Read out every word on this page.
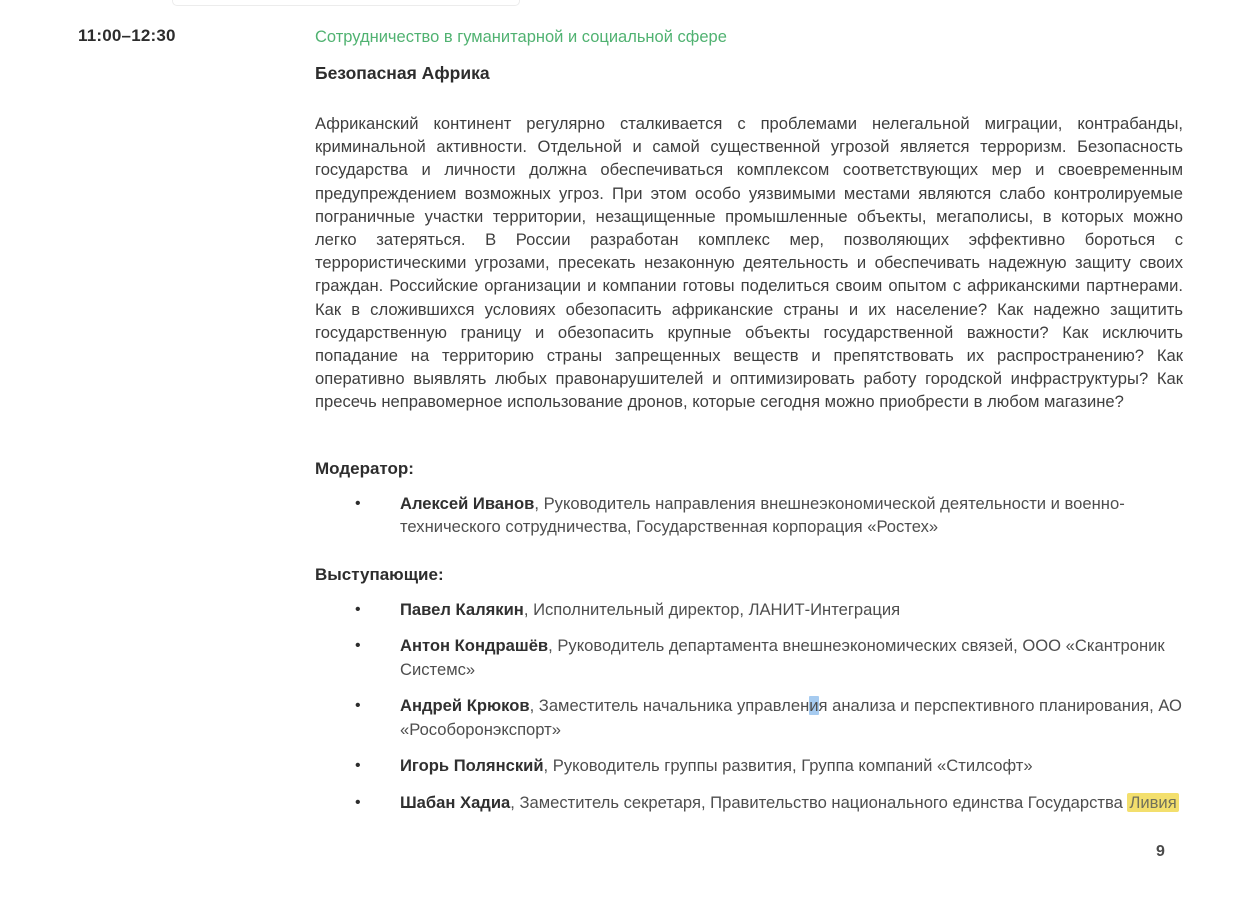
11:00–12:30	Сотрудничество в гуманитарной и социальной сфере
Безопасная Африка
Африканский континент регулярно сталкивается с проблемами нелегальной миграции, контрабанды, криминальной активности. Отдельной и самой существенной угрозой является терроризм. Безопасность государства и личности должна обеспечиваться комплексом соответствующих мер и своевременным предупреждением возможных угроз. При этом особо уязвимыми местами являются слабо контролируемые пограничные участки территории, незащищенные промышленные объекты, мегаполисы, в которых можно легко затеряться. В России разработан комплекс мер, позволяющих эффективно бороться с террористическими угрозами, пресекать незаконную деятельность и обеспечивать надежную защиту своих граждан. Российские организации и компании готовы поделиться своим опытом с африканскими партнерами. Как в сложившихся условиях обезопасить африканские страны и их население? Как надежно защитить государственную границу и обезопасить крупные объекты государственной важности? Как исключить попадание на территорию страны запрещенных веществ и препятствовать их распространению? Как оперативно выявлять любых правонарушителей и оптимизировать работу городской инфраструктуры? Как пресечь неправомерное использование дронов, которые сегодня можно приобрести в любом магазине?
Модератор:
•	Алексей Иванов, Руководитель направления внешнеэкономической деятельности и военно-технического сотрудничества, Государственная корпорация «Ростех»
Выступающие:
•	Павел Калякин, Исполнительный директор, ЛАНИТ-Интеграция
•	Антон Кондрашёв, Руководитель департамента внешнеэкономических связей, ООО «Скантроник Системс»
•	Андрей Крюков, Заместитель начальника управления анализа и перспективного планирования, АО «Рособоронэкспорт»
•	Игорь Полянский, Руководитель группы развития, Группа компаний «Стилсофт»
•	Шабан Хадиа, Заместитель секретаря, Правительство национального единства Государства Ливия
9
